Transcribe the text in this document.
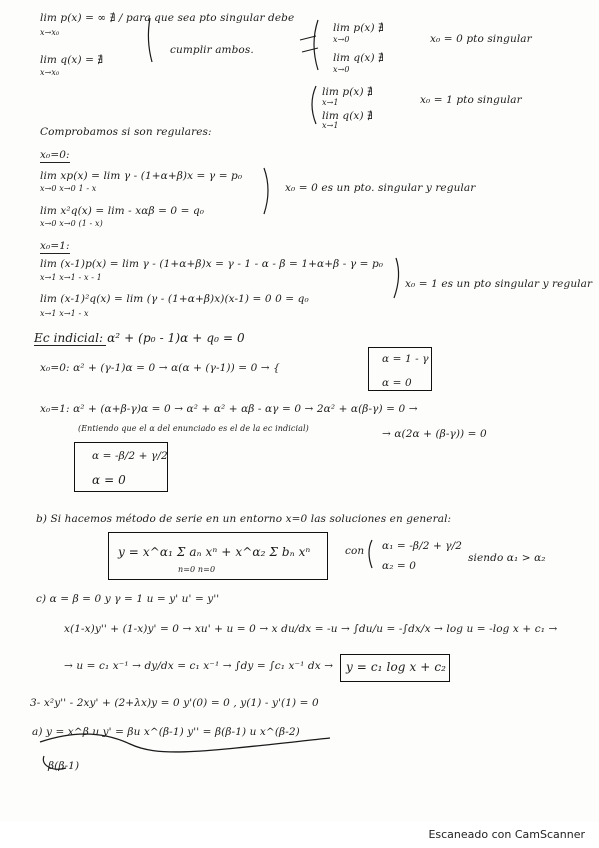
lim p(x) = ∞ ∄ / para que sea pto singular debe
x→x₀
cumplir ambos.
lim q(x) = ∄
x→x₀
lim p(x) ∄
x→0
lim q(x) ∄
x→0
x₀ = 0 pto singular
lim p(x) ∄
x→1
lim q(x) ∄
x→1
x₀ = 1 pto singular
Comprobamos si son regulares:
x₀=0:
lim xp(x) = lim γ - (1+α+β)x = γ = p₀
x→0 x→0 1 - x	x₀ = 0 es un pto. singular y regular
lim x²q(x) = lim - xαβ = 0 = q₀
x→0 x→0 (1 - x)
x₀=1:
lim (x-1)p(x) = lim γ - (1+α+β)x = γ - 1 - α - β = 1+α+β - γ = p₀
x→1 x→1 - x - 1
x₀ = 1 es un pto singular y regular
lim (x-1)²q(x) = lim (γ - (1+α+β)x)(x-1) = 0 0 = q₀
x→1 x→1 - x
Ec indicial: α² + (p₀ - 1)α + q₀ = 0
x₀=0: α² + (γ-1)α = 0 → α(α + (γ-1)) = 0 → {
α = 1 - γ
α = 0
x₀=1: α² + (α+β-γ)α = 0 → α² + α² + αβ - αγ = 0 → 2α² + α(β-γ) = 0 →
(Entiendo que el α del enunciado es el de la ec indicial)	→ α(2α + (β-γ)) = 0
α = -β/2 + γ/2
α = 0
b) Si hacemos método de serie en un entorno x=0 las soluciones en general:
y = x^α₁ Σ aₙ xⁿ + x^α₂ Σ bₙ xⁿ
n=0 n=0
con α₁ = -β/2 + γ/2
α₂ = 0
siendo α₁ > α₂
c) α = β = 0 y γ = 1 u = y' u' = y''
x(1-x)y'' + (1-x)y' = 0 → xu' + u = 0 → x du/dx = -u → ∫du/u = -∫dx/x → log u = -log x + c₁ →
→ u = c₁ x⁻¹ → dy/dx = c₁ x⁻¹ → ∫dy = ∫c₁ x⁻¹ dx → y = c₁ log x + c₂
3- x²y'' - 2xy' + (2+λx)y = 0 y'(0) = 0 , y(1) - y'(1) = 0
a) y = x^β u y' = βu x^(β-1) y'' = β(β-1) u x^(β-2)
β(β-1)
Escaneado con CamScanner
